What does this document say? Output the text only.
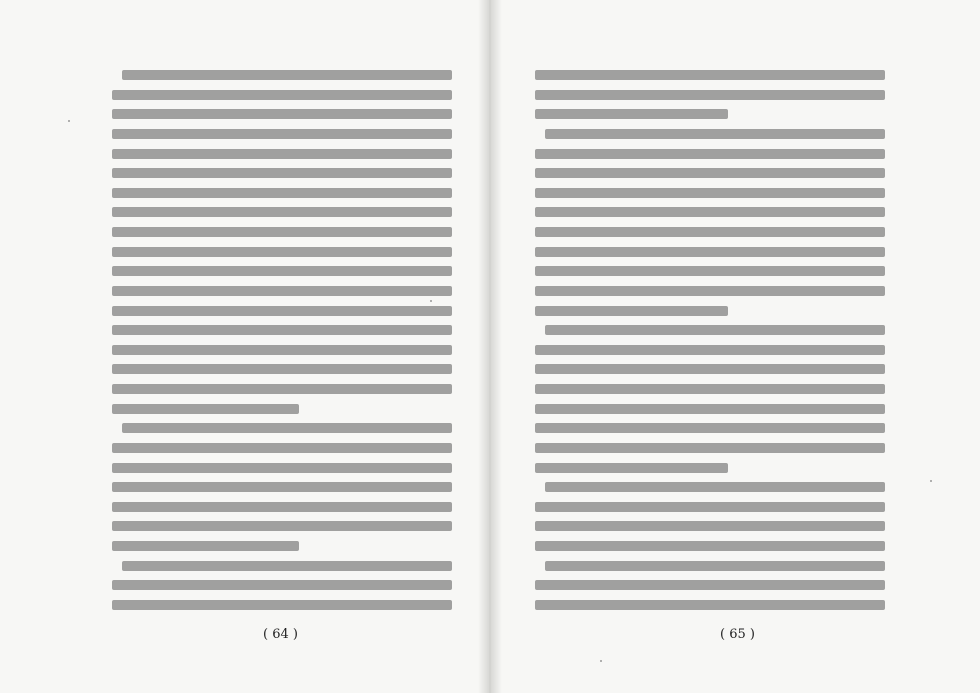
( 64 )	( 65 )
